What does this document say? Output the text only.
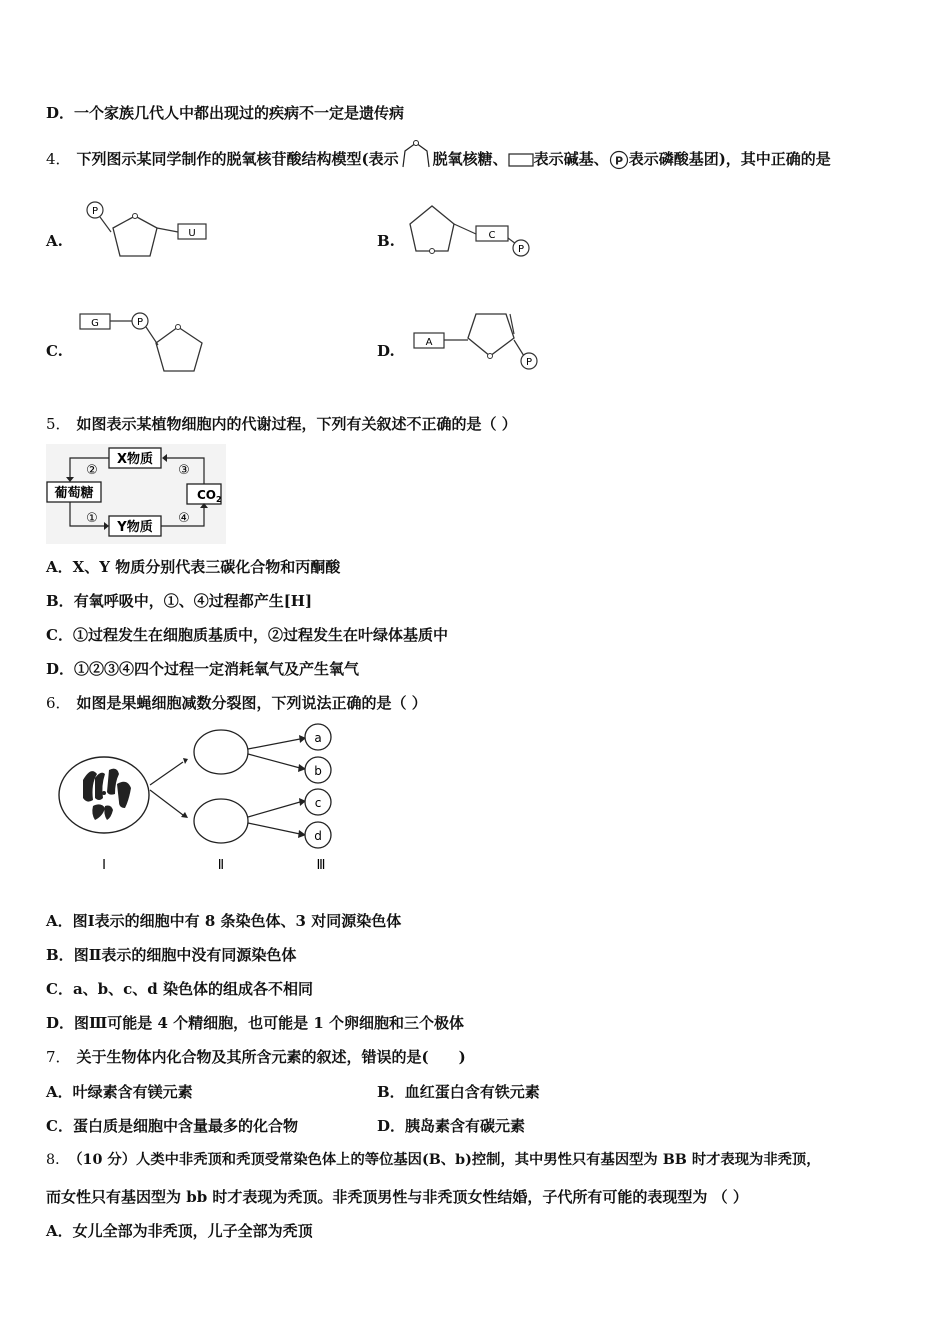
D．一个家族几代人中都出现过的疾病不一定是遗传病
4． 下列图示某同学制作的脱氧核苷酸结构模型(表示 脱氧核糖、 表示碱基、 P 表示磷酸基团)，其中正确的是
A.
P
U	B.	C
P
C.
G	P
D.	A
P
5． 如图表示某植物细胞内的代谢过程，下列有关叙述不正确的是（ ）
X物质
Y物质
葡萄糖	$CO_2$
②	③
①	④
A．X、Y 物质分别代表三碳化合物和丙酮酸
B．有氧呼吸中，①、④过程都产生[H]
C．①过程发生在细胞质基质中，②过程发生在叶绿体基质中
D．①②③④四个过程一定消耗氧气及产生氧气
6． 如图是果蝇细胞减数分裂图，下列说法正确的是（ ）
a
b
c
d
Ⅰ	Ⅱ	Ⅲ
A．图Ⅰ表示的细胞中有 8 条染色体、3 对同源染色体
B．图Ⅱ表示的细胞中没有同源染色体
C．a、b、c、d 染色体的组成各不相同
D．图Ⅲ可能是 4 个精细胞，也可能是 1 个卵细胞和三个极体
7． 关于生物体内化合物及其所含元素的叙述，错误的是(　　)
A．叶绿素含有镁元素	B．血红蛋白含有铁元素
C．蛋白质是细胞中含量最多的化合物	D．胰岛素含有碳元素
8． （10 分）人类中非秃顶和秃顶受常染色体上的等位基因(B、b)控制，其中男性只有基因型为 BB 时才表现为非秃顶，
而女性只有基因型为 bb 时才表现为秃顶。非秃顶男性与非秃顶女性结婚，子代所有可能的表现型为 （ ）
A．女儿全部为非秃顶，儿子全部为秃顶
